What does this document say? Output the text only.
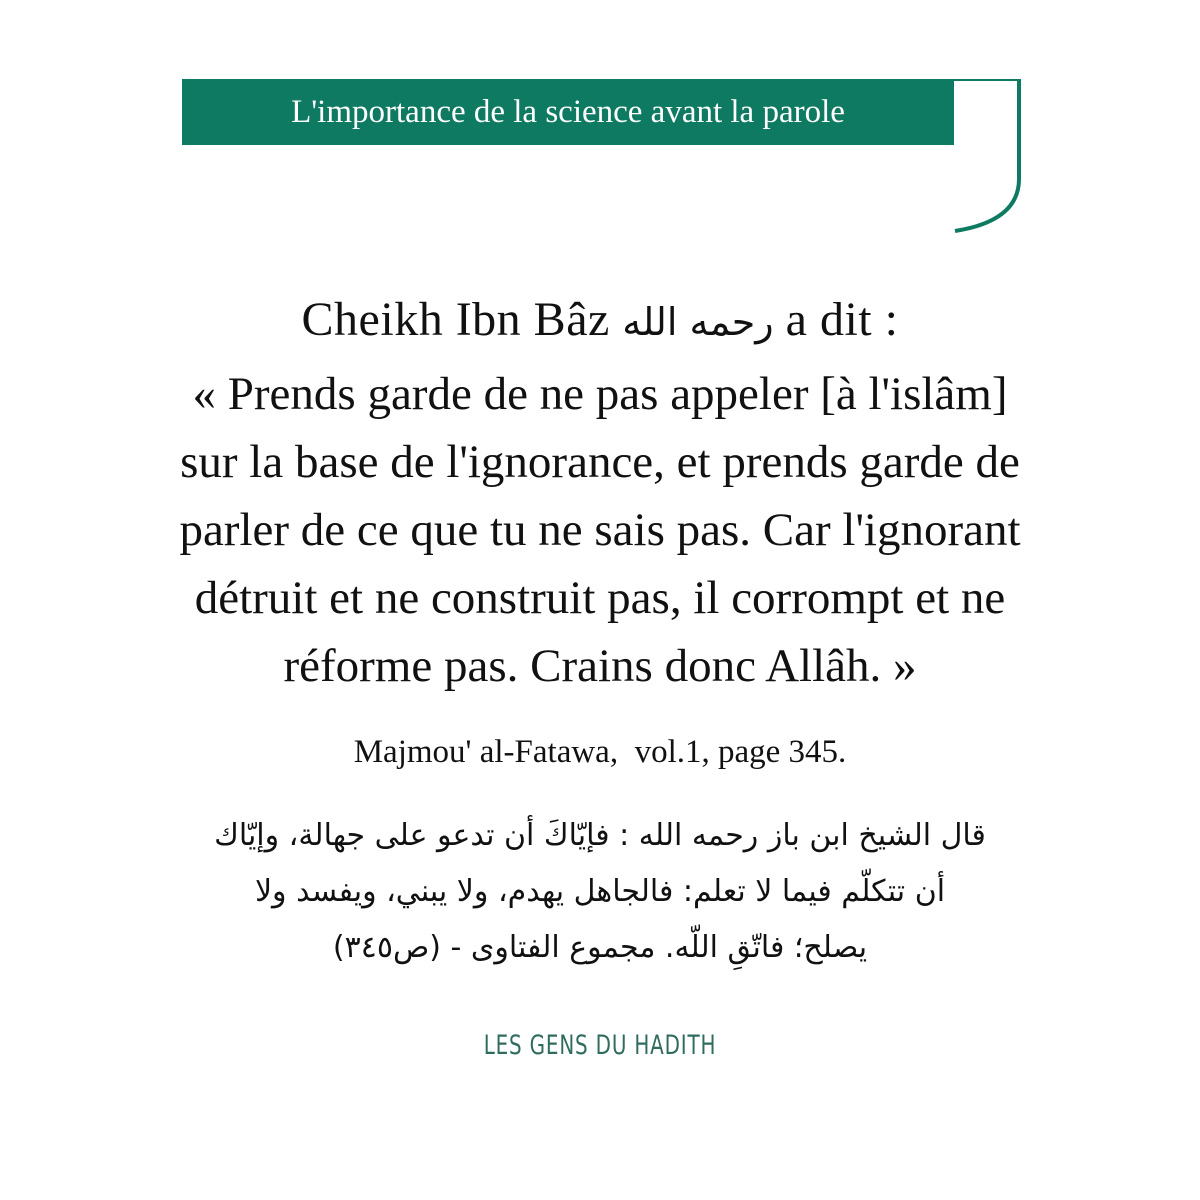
L'importance de la science avant la parole
Cheikh Ibn Bâz رحمه الله a dit :
« Prends garde de ne pas appeler [à l'islâm]
sur la base de l'ignorance, et prends garde de
parler de ce que tu ne sais pas. Car l'ignorant
détruit et ne construit pas, il corrompt et ne
réforme pas. Crains donc Allâh. »
Majmou' al-Fatawa,  vol.1, page 345.
قال الشيخ ابن باز رحمه الله : فإيّاكَ أن تدعو على جهالة، وإيّاك
أن تتكلّم فيما لا تعلم: فالجاهل يهدم، ولا يبني، ويفسد ولا
يصلح؛ فاتّقِ اللّه. مجموع الفتاوى - (ص٣٤٥)
LES GENS DU HADITH
